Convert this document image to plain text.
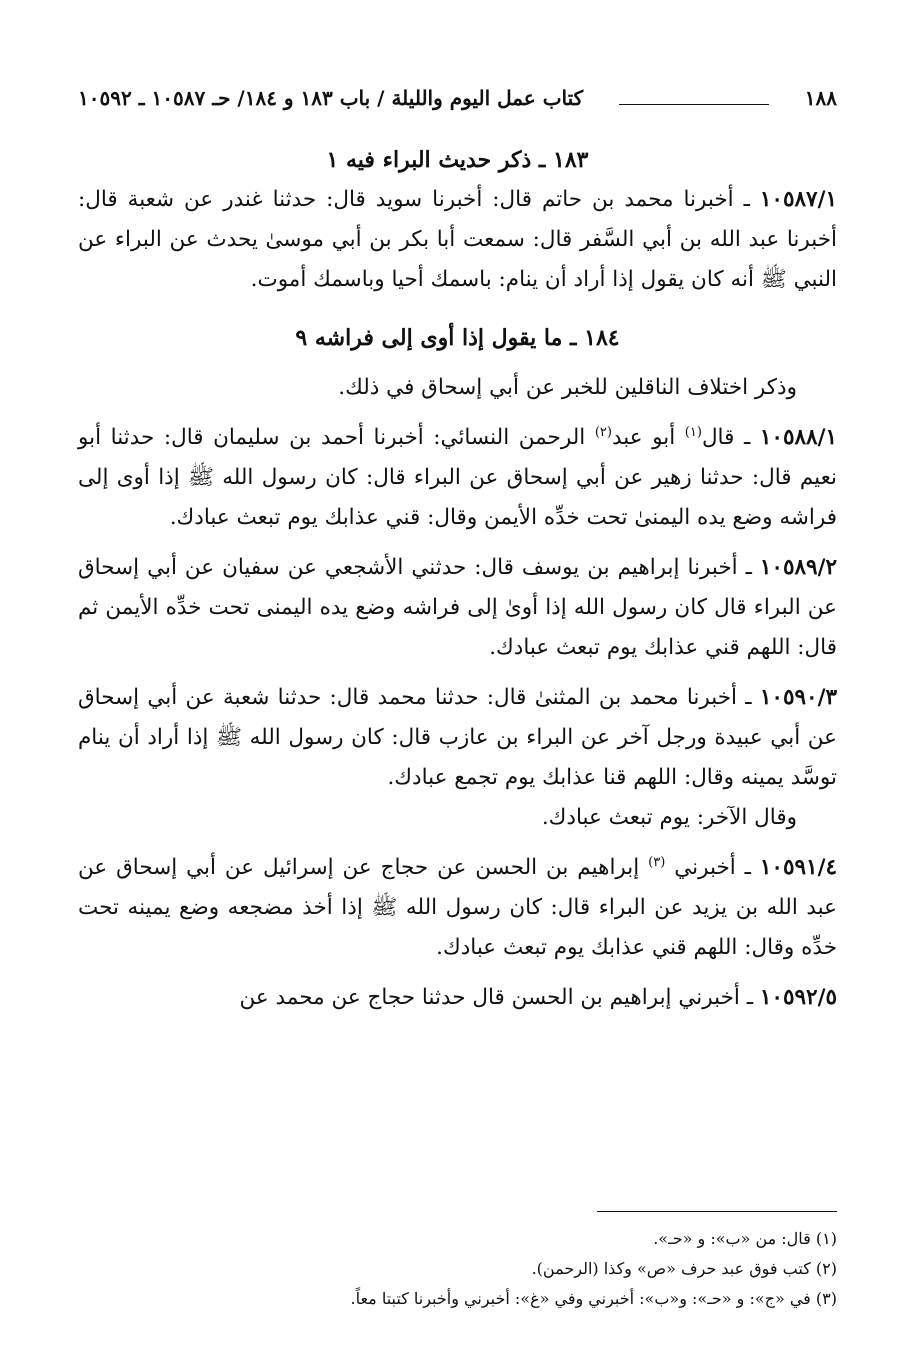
١٨٨
كتاب عمل اليوم والليلة / باب ١٨٣ و ١٨٤/ حـ ١٠٥٨٧ ـ ١٠٥٩٢
١٨٣ ـ ذكر حديث البراء فيه ١

١٠٥٨٧/١ ـ أخبرنا محمد بن حاتم قال: أخبرنا سويد قال: حدثنا غندر عن شعبة قال: أخبرنا عبد الله بن أبي السَّفر قال: سمعت أبا بكر بن أبي موسىٰ يحدث عن البراء عن النبي ﷺ أنه كان يقول إذا أراد أن ينام: باسمك أحيا وباسمك أموت.

١٨٤ ـ ما يقول إذا أوى إلى فراشه ٩

وذكر اختلاف الناقلين للخبر عن أبي إسحاق في ذلك.

١٠٥٨٨/١ ـ قال$^{(١)}$ أبو عبد$^{(٢)}$ الرحمن النسائي: أخبرنا أحمد بن سليمان قال: حدثنا أبو نعيم قال: حدثنا زهير عن أبي إسحاق عن البراء قال: كان رسول الله ﷺ إذا أوى إلى فراشه وضع يده اليمنىٰ تحت خدِّه الأيمن وقال: قني عذابك يوم تبعث عبادك.

١٠٥٨٩/٢ ـ أخبرنا إبراهيم بن يوسف قال: حدثني الأشجعي عن سفيان عن أبي إسحاق عن البراء قال كان رسول الله إذا أوىٰ إلى فراشه وضع يده اليمنى تحت خدِّه الأيمن ثم قال: اللهم قني عذابك يوم تبعث عبادك.

١٠٥٩٠/٣ ـ أخبرنا محمد بن المثنىٰ قال: حدثنا محمد قال: حدثنا شعبة عن أبي إسحاق عن أبي عبيدة ورجل آخر عن البراء بن عازب قال: كان رسول الله ﷺ إذا أراد أن ينام توسَّد يمينه وقال: اللهم قنا عذابك يوم تجمع عبادك.

وقال الآخر: يوم تبعث عبادك.

١٠٥٩١/٤ ـ أخبرني $^{(٣)}$ إبراهيم بن الحسن عن حجاج عن إسرائيل عن أبي إسحاق عن عبد الله بن يزيد عن البراء قال: كان رسول الله ﷺ إذا أخذ مضجعه وضع يمينه تحت خدِّه وقال: اللهم قني عذابك يوم تبعث عبادك.

١٠٥٩٢/٥ ـ أخبرني إبراهيم بن الحسن قال حدثنا حجاج عن محمد عن

(١) قال: من «ب»: و «حـ».
(٢) كتب فوق عبد حرف «ص» وكذا (الرحمن).
(٣) في «ج»: و «حـ»: و«ب»: أخبرني وفي «غ»: أخبرني وأخبرنا كتبتا معاً.
